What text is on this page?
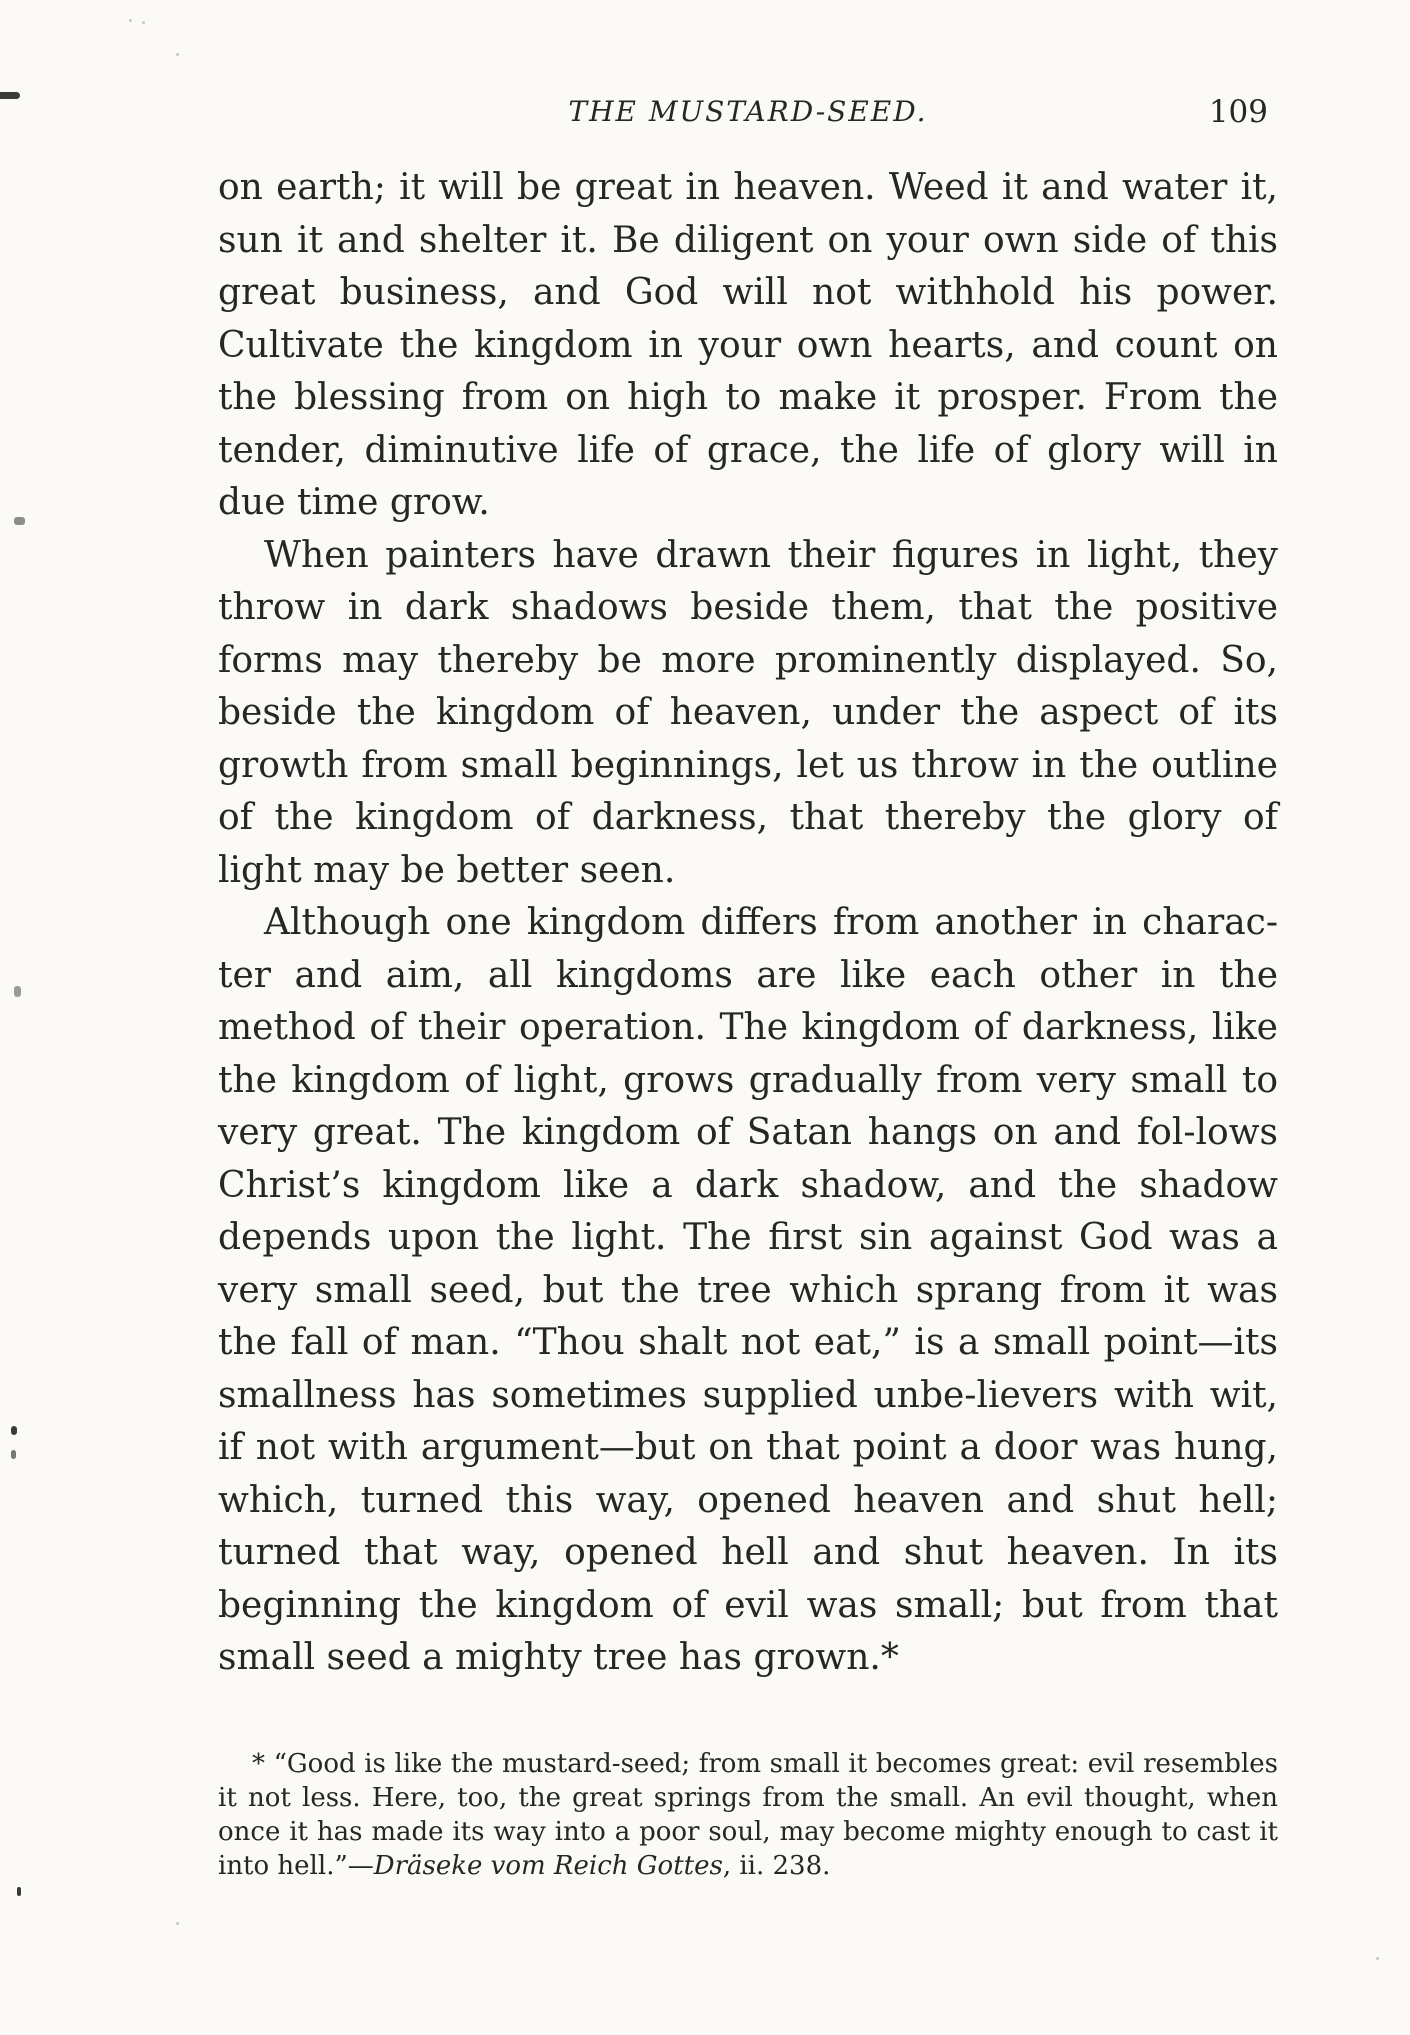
THE MUSTARD-SEED.	109

on earth; it will be great in heaven. Weed it and water it, sun it and shelter it. Be diligent on your own side of this great business, and God will not withhold his power. Cultivate the kingdom in your own hearts, and count on the blessing from on high to make it prosper. From the tender, diminutive life of grace, the life of glory will in due time grow.

When painters have drawn their figures in light, they throw in dark shadows beside them, that the positive forms may thereby be more prominently displayed. So, beside the kingdom of heaven, under the aspect of its growth from small beginnings, let us throw in the outline of the kingdom of darkness, that thereby the glory of light may be better seen.

Although one kingdom differs from another in charac-ter and aim, all kingdoms are like each other in the method of their operation. The kingdom of darkness, like the kingdom of light, grows gradually from very small to very great. The kingdom of Satan hangs on and fol-lows Christ’s kingdom like a dark shadow, and the shadow depends upon the light. The first sin against God was a very small seed, but the tree which sprang from it was the fall of man. “Thou shalt not eat,” is a small point—its smallness has sometimes supplied unbe-lievers with wit, if not with argument—but on that point a door was hung, which, turned this way, opened heaven and shut hell; turned that way, opened hell and shut heaven. In its beginning the kingdom of evil was small; but from that small seed a mighty tree has grown.*

* “Good is like the mustard-seed; from small it becomes great: evil resembles it not less. Here, too, the great springs from the small. An evil thought, when once it has made its way into a poor soul, may become mighty enough to cast it into hell.”—Dräseke vom Reich Gottes, ii. 238.
